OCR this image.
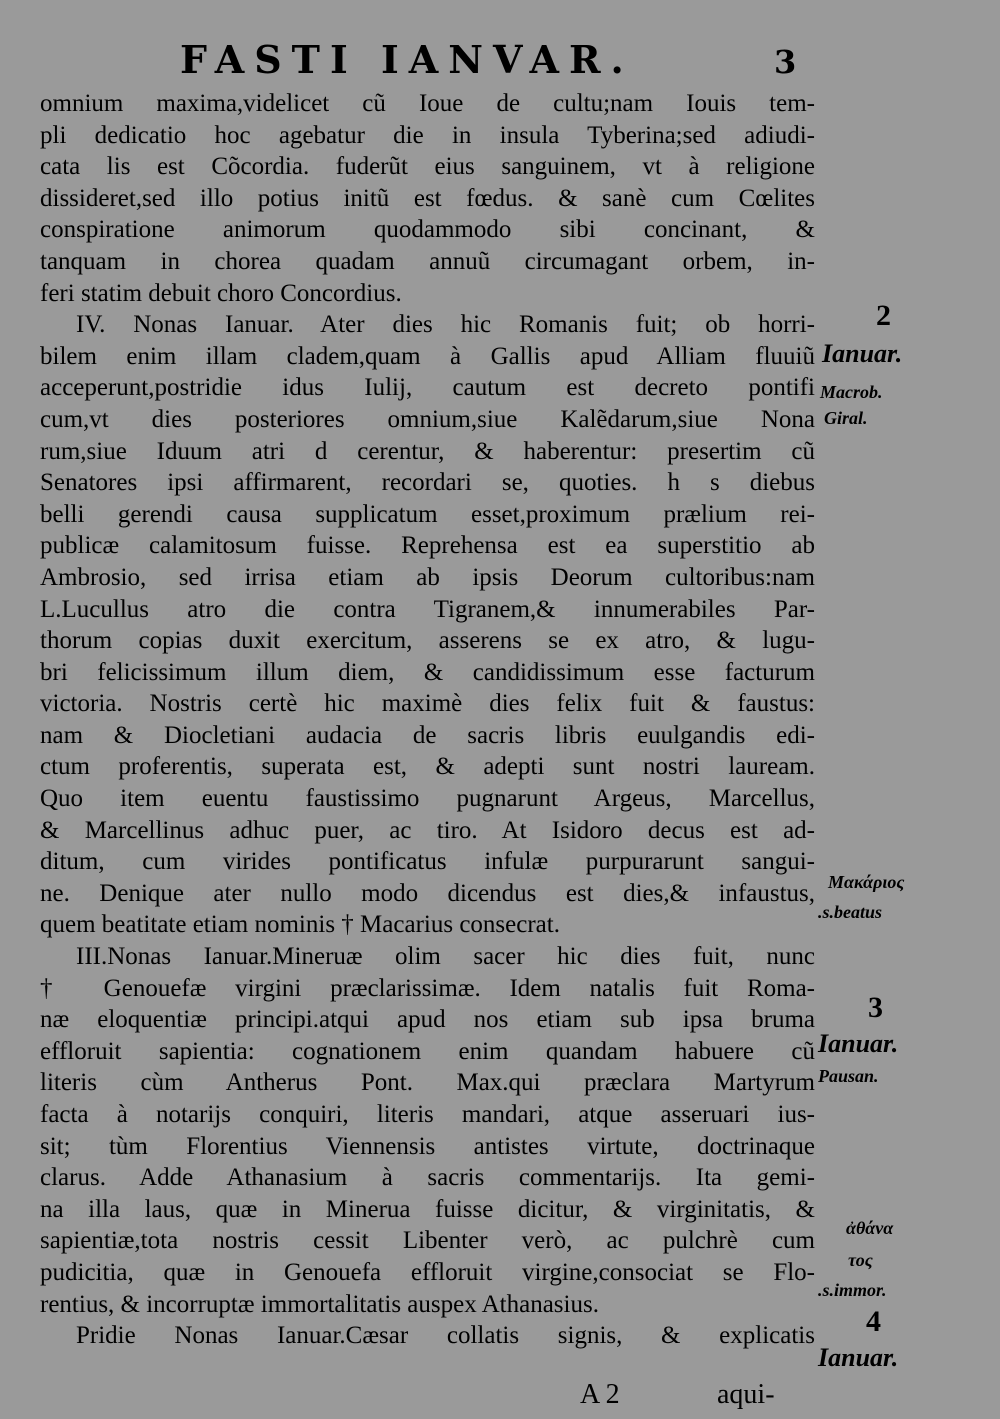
FASTI IANVAR.	3
omnium maxima,videlicet cũ Ioue de cultu;nam Iouis tem-
pli dedicatio hoc agebatur die in insula Tyberina;sed adiudi-
cata lis est Cõcordia. fuderũt eius sanguinem, vt à religione
dissideret,sed illo potius initũ est fœdus. & sanè cum Cœlites
conspiratione animorum quodammodo sibi concinant, &
tanquam in chorea quadam annuũ circumagant orbem, in-
feri statim debuit choro Concordius.
IV. Nonas Ianuar. Ater dies hic Romanis fuit; ob horri-
bilem enim illam cladem,quam à Gallis apud Alliam fluuiũ
acceperunt,postridie idus Iulij, cautum est decreto pontifi
cum,vt dies posteriores omnium,siue Kalẽdarum,siue Nona
rum,siue Iduum atri d cerentur, & haberentur: presertim cũ
Senatores ipsi affirmarent, recordari se, quoties. h s diebus
belli gerendi causa supplicatum esset,proximum prælium rei-
publicæ calamitosum fuisse. Reprehensa est ea superstitio ab
Ambrosio, sed irrisa etiam ab ipsis Deorum cultoribus:nam
L.Lucullus atro die contra Tigranem,& innumerabiles Par-
thorum copias duxit exercitum, asserens se ex atro, & lugu-
bri felicissimum illum diem, & candidissimum esse facturum
victoria. Nostris certè hic maximè dies felix fuit & faustus:
nam & Diocletiani audacia de sacris libris euulgandis edi-
ctum proferentis, superata est, & adepti sunt nostri lauream.
Quo item euentu faustissimo pugnarunt Argeus, Marcellus,
& Marcellinus adhuc puer, ac tiro. At Isidoro decus est ad-
ditum, cum virides pontificatus infulæ purpurarunt sangui-
ne. Denique ater nullo modo dicendus est dies,& infaustus,
quem beatitate etiam nominis † Macarius consecrat.
III.Nonas Ianuar.Mineruæ olim sacer hic dies fuit, nunc
† Genouefæ virgini præclarissimæ. Idem natalis fuit Roma-
næ eloquentiæ principi.atqui apud nos etiam sub ipsa bruma
effloruit sapientia: cognationem enim quandam habuere cũ
literis cùm Antherus Pont. Max.qui præclara Martyrum
facta à notarijs conquiri, literis mandari, atque asseruari ius-
sit; tùm Florentius Viennensis antistes virtute, doctrinaque
clarus. Adde Athanasium à sacris commentarijs. Ita gemi-
na illa laus, quæ in Minerua fuisse dicitur, & virginitatis, &
sapientiæ,tota nostris cessit Libenter verò, ac pulchrè cum
pudicitia, quæ in Genouefa effloruit virgine,consociat se Flo-
rentius, & incorruptæ immortalitatis auspex Athanasius.
Pridie Nonas Ianuar.Cæsar collatis signis, & explicatis
2
Ianuar.
Macrob.
Giral.
Μακάριος
.s.beatus
3
Ianuar.
Pausan.
ἀθάνα
τος
.s.immor.
4
Ianuar.
A 2	aqui-
